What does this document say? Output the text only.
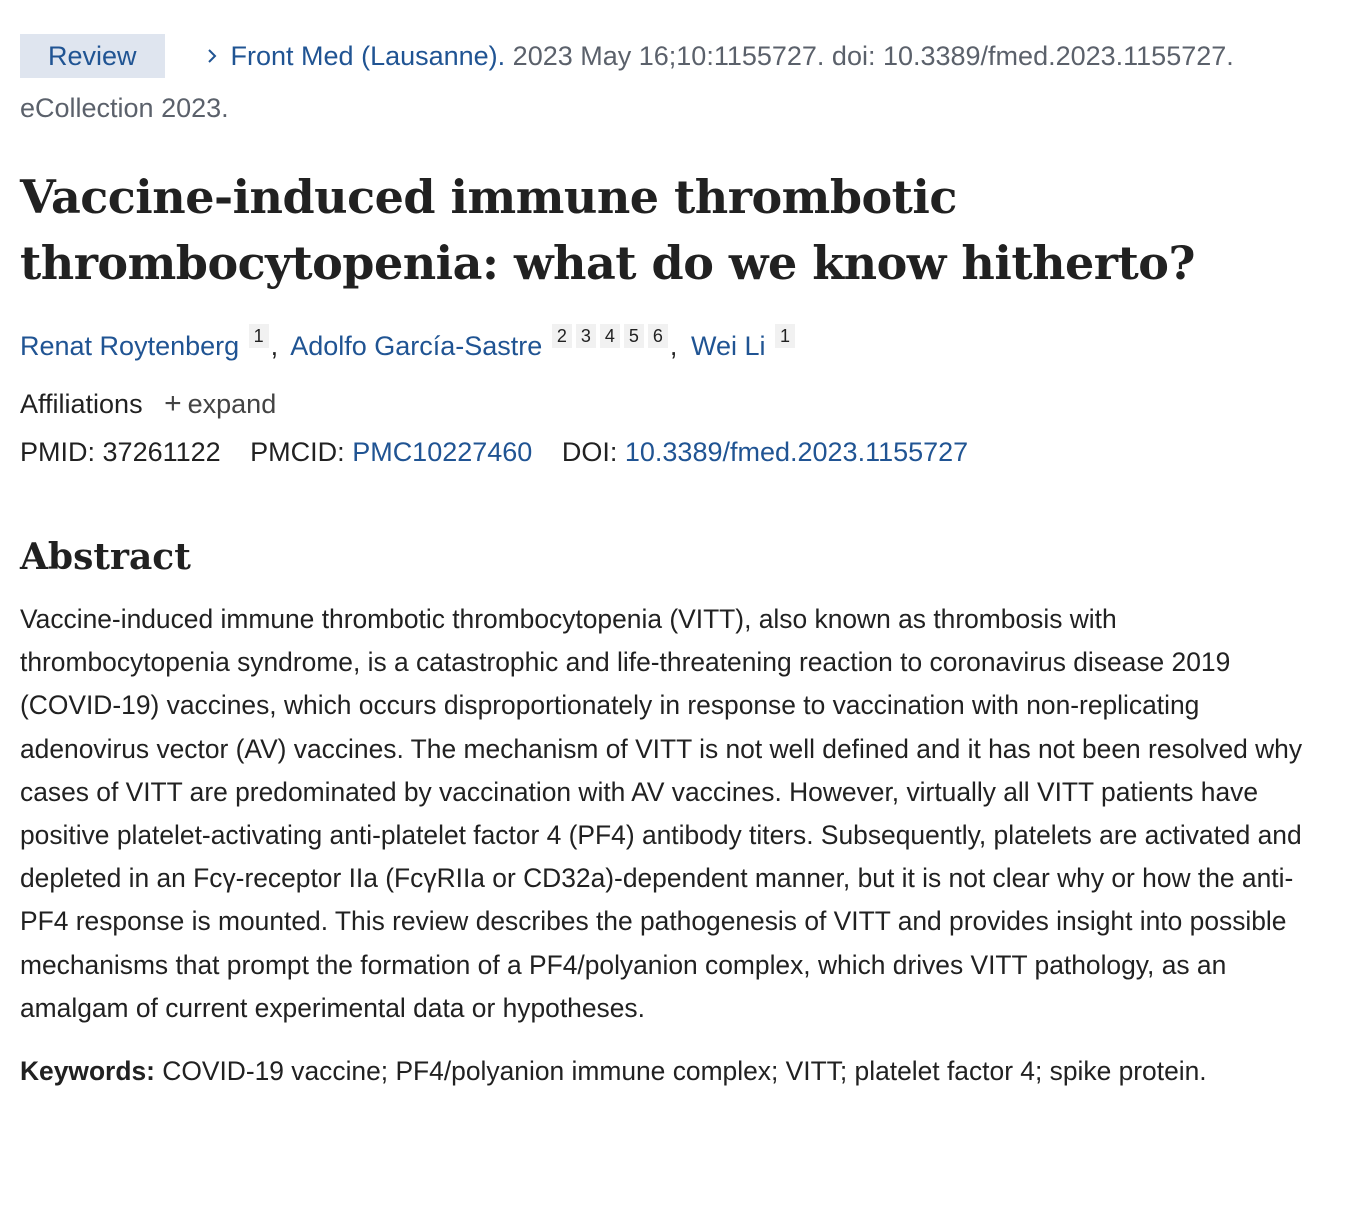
Review	Front Med (Lausanne). 2023 May 16;10:1155727. doi: 10.3389/fmed.2023.1155727.
eCollection 2023.
Vaccine-induced immune thrombotic
thrombocytopenia: what do we know hitherto?
Renat Roytenberg 1 , Adolfo García-Sastre 2 3 4 5 6 , Wei Li 1
Affiliations + expand
PMID: 37261122 PMCID: PMC10227460 DOI: 10.3389/fmed.2023.1155727
Abstract

Vaccine-induced immune thrombotic thrombocytopenia (VITT), also known as thrombosis with thrombocytopenia syndrome, is a catastrophic and life-threatening reaction to coronavirus disease 2019 (COVID-19) vaccines, which occurs disproportionately in response to vaccination with non-replicating adenovirus vector (AV) vaccines. The mechanism of VITT is not well defined and it has not been resolved why cases of VITT are predominated by vaccination with AV vaccines. However, virtually all VITT patients have positive platelet-activating anti-platelet factor 4 (PF4) antibody titers. Subsequently, platelets are activated and depleted in an Fcγ-receptor IIa (FcγRIIa or CD32a)-dependent manner, but it is not clear why or how the anti-PF4 response is mounted. This review describes the pathogenesis of VITT and provides insight into possible mechanisms that prompt the formation of a PF4/polyanion complex, which drives VITT pathology, as an amalgam of current experimental data or hypotheses.

Keywords: COVID-19 vaccine; PF4/polyanion immune complex; VITT; platelet factor 4; spike protein.
